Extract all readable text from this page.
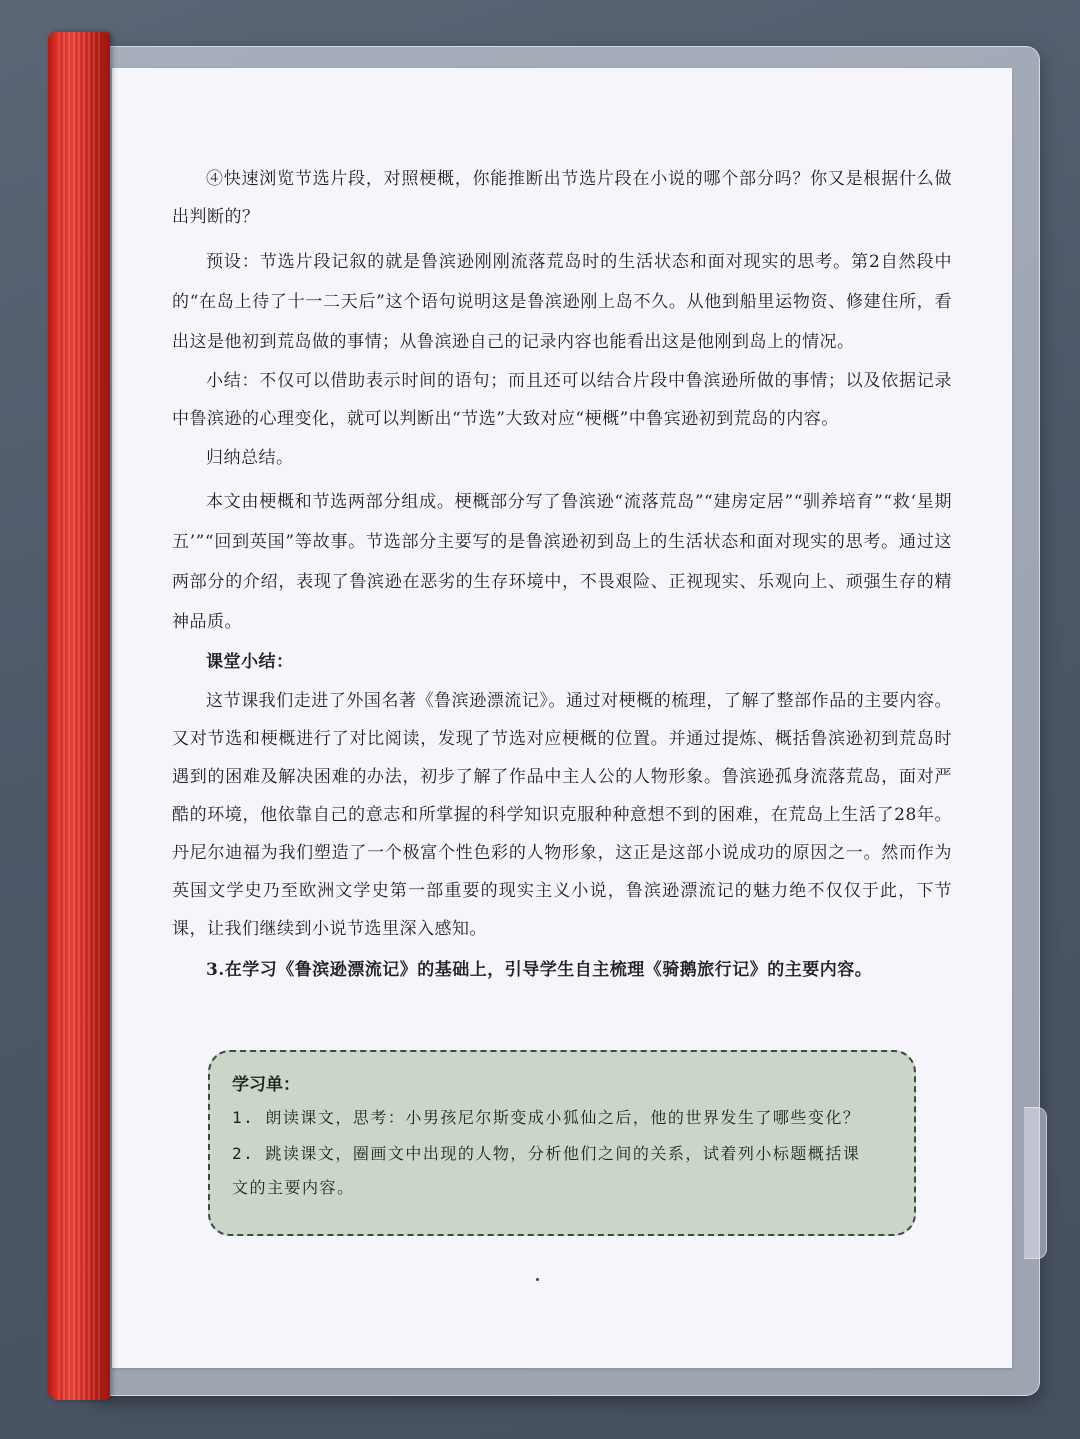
④快速浏览节选片段，对照梗概，你能推断出节选片段在小说的哪个部分吗？你又是根据什么做出判断的？

预设：节选片段记叙的就是鲁滨逊刚刚流落荒岛时的生活状态和面对现实的思考。第2自然段中的“在岛上待了十一二天后”这个语句说明这是鲁滨逊刚上岛不久。从他到船里运物资、修建住所，看出这是他初到荒岛做的事情；从鲁滨逊自己的记录内容也能看出这是他刚到岛上的情况。

小结：不仅可以借助表示时间的语句；而且还可以结合片段中鲁滨逊所做的事情；以及依据记录中鲁滨逊的心理变化，就可以判断出“节选”大致对应“梗概”中鲁宾逊初到荒岛的内容。

归纳总结。

本文由梗概和节选两部分组成。梗概部分写了鲁滨逊“流落荒岛”“建房定居”“驯养培育”“救‘星期五’”“回到英国”等故事。节选部分主要写的是鲁滨逊初到岛上的生活状态和面对现实的思考。通过这两部分的介绍，表现了鲁滨逊在恶劣的生存环境中，不畏艰险、正视现实、乐观向上、顽强生存的精神品质。

课堂小结：

这节课我们走进了外国名著《鲁滨逊漂流记》。通过对梗概的梳理，了解了整部作品的主要内容。又对节选和梗概进行了对比阅读，发现了节选对应梗概的位置。并通过提炼、概括鲁滨逊初到荒岛时遇到的困难及解决困难的办法，初步了解了作品中主人公的人物形象。鲁滨逊孤身流落荒岛，面对严酷的环境，他依靠自己的意志和所掌握的科学知识克服种种意想不到的困难，在荒岛上生活了28年。丹尼尔迪福为我们塑造了一个极富个性色彩的人物形象，这正是这部小说成功的原因之一。然而作为英国文学史乃至欧洲文学史第一部重要的现实主义小说，鲁滨逊漂流记的魅力绝不仅仅于此，下节课，让我们继续到小说节选里深入感知。

3.在学习《鲁滨逊漂流记》的基础上，引导学生自主梳理《骑鹅旅行记》的主要内容。

学习单：

1. 朗读课文，思考：小男孩尼尔斯变成小狐仙之后，他的世界发生了哪些变化？

2. 跳读课文，圈画文中出现的人物，分析他们之间的关系，试着列小标题概括课

文的主要内容。
